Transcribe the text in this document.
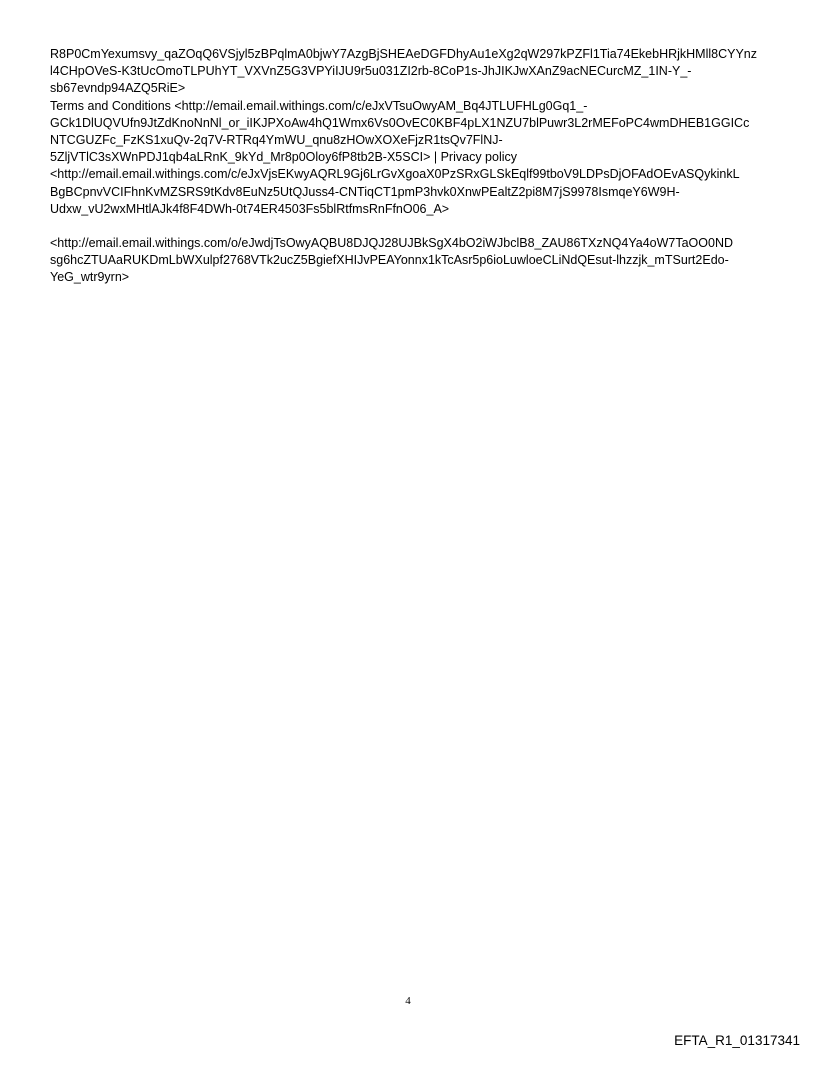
R8P0CmYexumsvy_qaZOqQ6VSjyl5zBPqlmA0bjwY7AzgBjSHEAeDGFDhyAu1eXg2qW297kPZFl1Tia74EkebHRjkHMll8CYYnz
l4CHpOVeS-K3tUcOmoTLPUhYT_VXVnZ5G3VPYiIJU9r5u031ZI2rb-8CoP1s-JhJIKJwXAnZ9acNECurcMZ_1IN-Y_-
sb67evndp94AZQ5RiE>
Terms and Conditions <http://email.email.withings.com/c/eJxVTsuOwyAM_Bq4JTLUFHLg0Gq1_-
GCk1DlUQVUfn9JtZdKnoNnNl_or_iIKJPXoAw4hQ1Wmx6Vs0OvEC0KBF4pLX1NZU7blPuwr3L2rMEFoPC4wmDHEB1GGICc
NTCGUZFc_FzKS1xuQv-2q7V-RTRq4YmWU_qnu8zHOwXOXeFjzR1tsQv7FlNJ-
5ZljVTlC3sXWnPDJ1qb4aLRnK_9kYd_Mr8p0Oloy6fP8tb2B-X5SCI> | Privacy policy
<http://email.email.withings.com/c/eJxVjsEKwyAQRL9Gj6LrGvXgoaX0PzSRxGLSkEqlf99tboV9LDPsDjOFAdOEvASQykinkL
BgBCpnvVCIFhnKvMZSRS9tKdv8EuNz5UtQJuss4-CNTiqCT1pmP3hvk0XnwPEaltZ2pi8M7jS9978IsmqeY6W9H-
Udxw_vU2wxMHtlAJk4f8F4DWh-0t74ER4503Fs5blRtfmsRnFfnO06_A>
<http://email.email.withings.com/o/eJwdjTsOwyAQBU8DJQJ28UJBkSgX4bO2iWJbclB8_ZAU86TXzNQ4Ya4oW7TaOO0ND
sg6hcZTUAaRUKDmLbWXulpf2768VTk2ucZ5BgiefXHIJvPEAYonnx1kTcAsr5p6ioLuwloeCLiNdQEsut-lhzzjk_mTSurt2Edo-
YeG_wtr9yrn>
4
EFTA_R1_01317341
